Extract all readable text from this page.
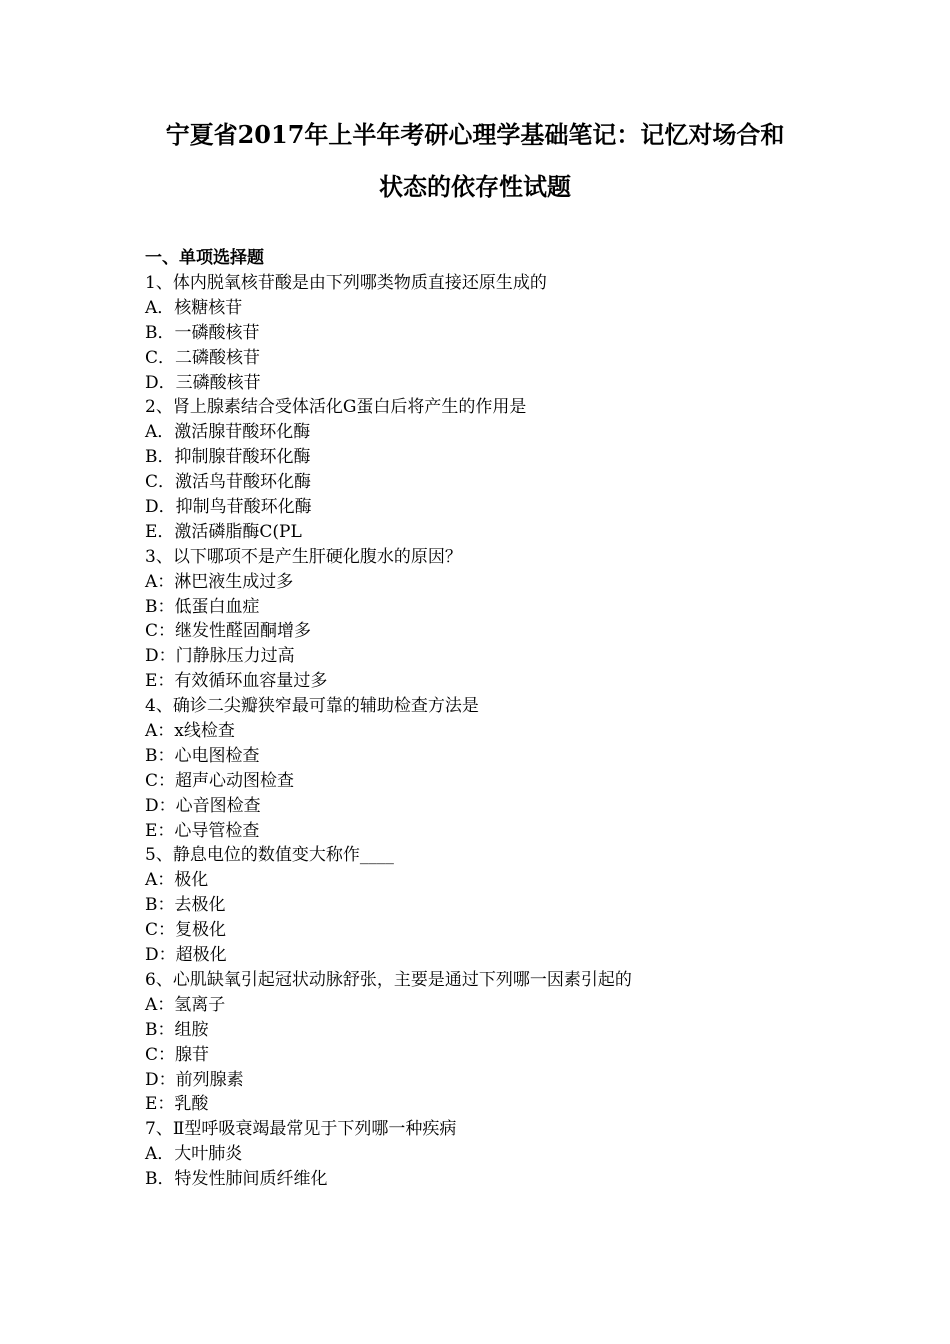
宁夏省2017年上半年考研心理学基础笔记：记忆对场合和
状态的依存性试题
一、单项选择题
1、体内脱氧核苷酸是由下列哪类物质直接还原生成的
A．核糖核苷
B．一磷酸核苷
C．二磷酸核苷
D．三磷酸核苷
2、肾上腺素结合受体活化G蛋白后将产生的作用是
A．激活腺苷酸环化酶
B．抑制腺苷酸环化酶
C．激活鸟苷酸环化酶
D．抑制鸟苷酸环化酶
E．激活磷脂酶C(PL
3、以下哪项不是产生肝硬化腹水的原因？
A：淋巴液生成过多
B：低蛋白血症
C：继发性醛固酮增多
D：门静脉压力过高
E：有效循环血容量过多
4、确诊二尖瓣狭窄最可靠的辅助检查方法是
A：x线检查
B：心电图检查
C：超声心动图检查
D：心音图检查
E：心导管检查
5、静息电位的数值变大称作____
A：极化
B：去极化
C：复极化
D：超极化
6、心肌缺氧引起冠状动脉舒张，主要是通过下列哪一因素引起的
A：氢离子
B：组胺
C：腺苷
D：前列腺素
E：乳酸
7、Ⅱ型呼吸衰竭最常见于下列哪一种疾病
A．大叶肺炎
B．特发性肺间质纤维化
